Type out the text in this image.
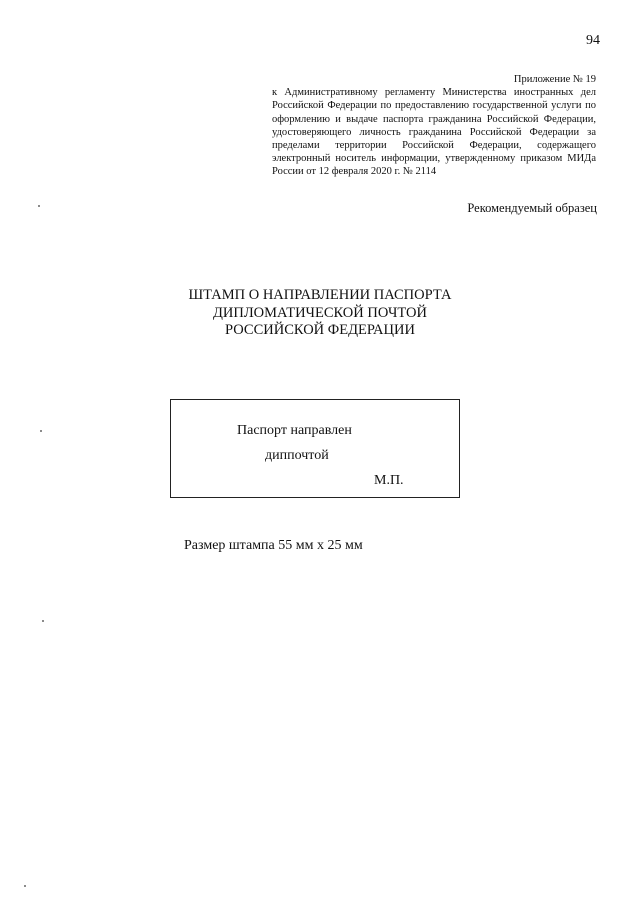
94

Приложение № 19

к Административному регламенту Министерства иностранных дел Российской Федерации по предоставлению государственной услуги по оформлению и выдаче паспорта гражданина Российской Федерации, удостоверяющего личность гражданина Российской Федерации за пределами территории Российской Федерации, содержащего электронный носитель информации, утвержденному приказом МИДа России от 12 февраля 2020 г. № 2114

Рекомендуемый образец
ШТАМП О НАПРАВЛЕНИИ ПАСПОРТА
ДИПЛОМАТИЧЕСКОЙ ПОЧТОЙ
РОССИЙСКОЙ ФЕДЕРАЦИИ
Паспорт направлен
диппочтой
М.П.
Размер штампа 55 мм х 25 мм
